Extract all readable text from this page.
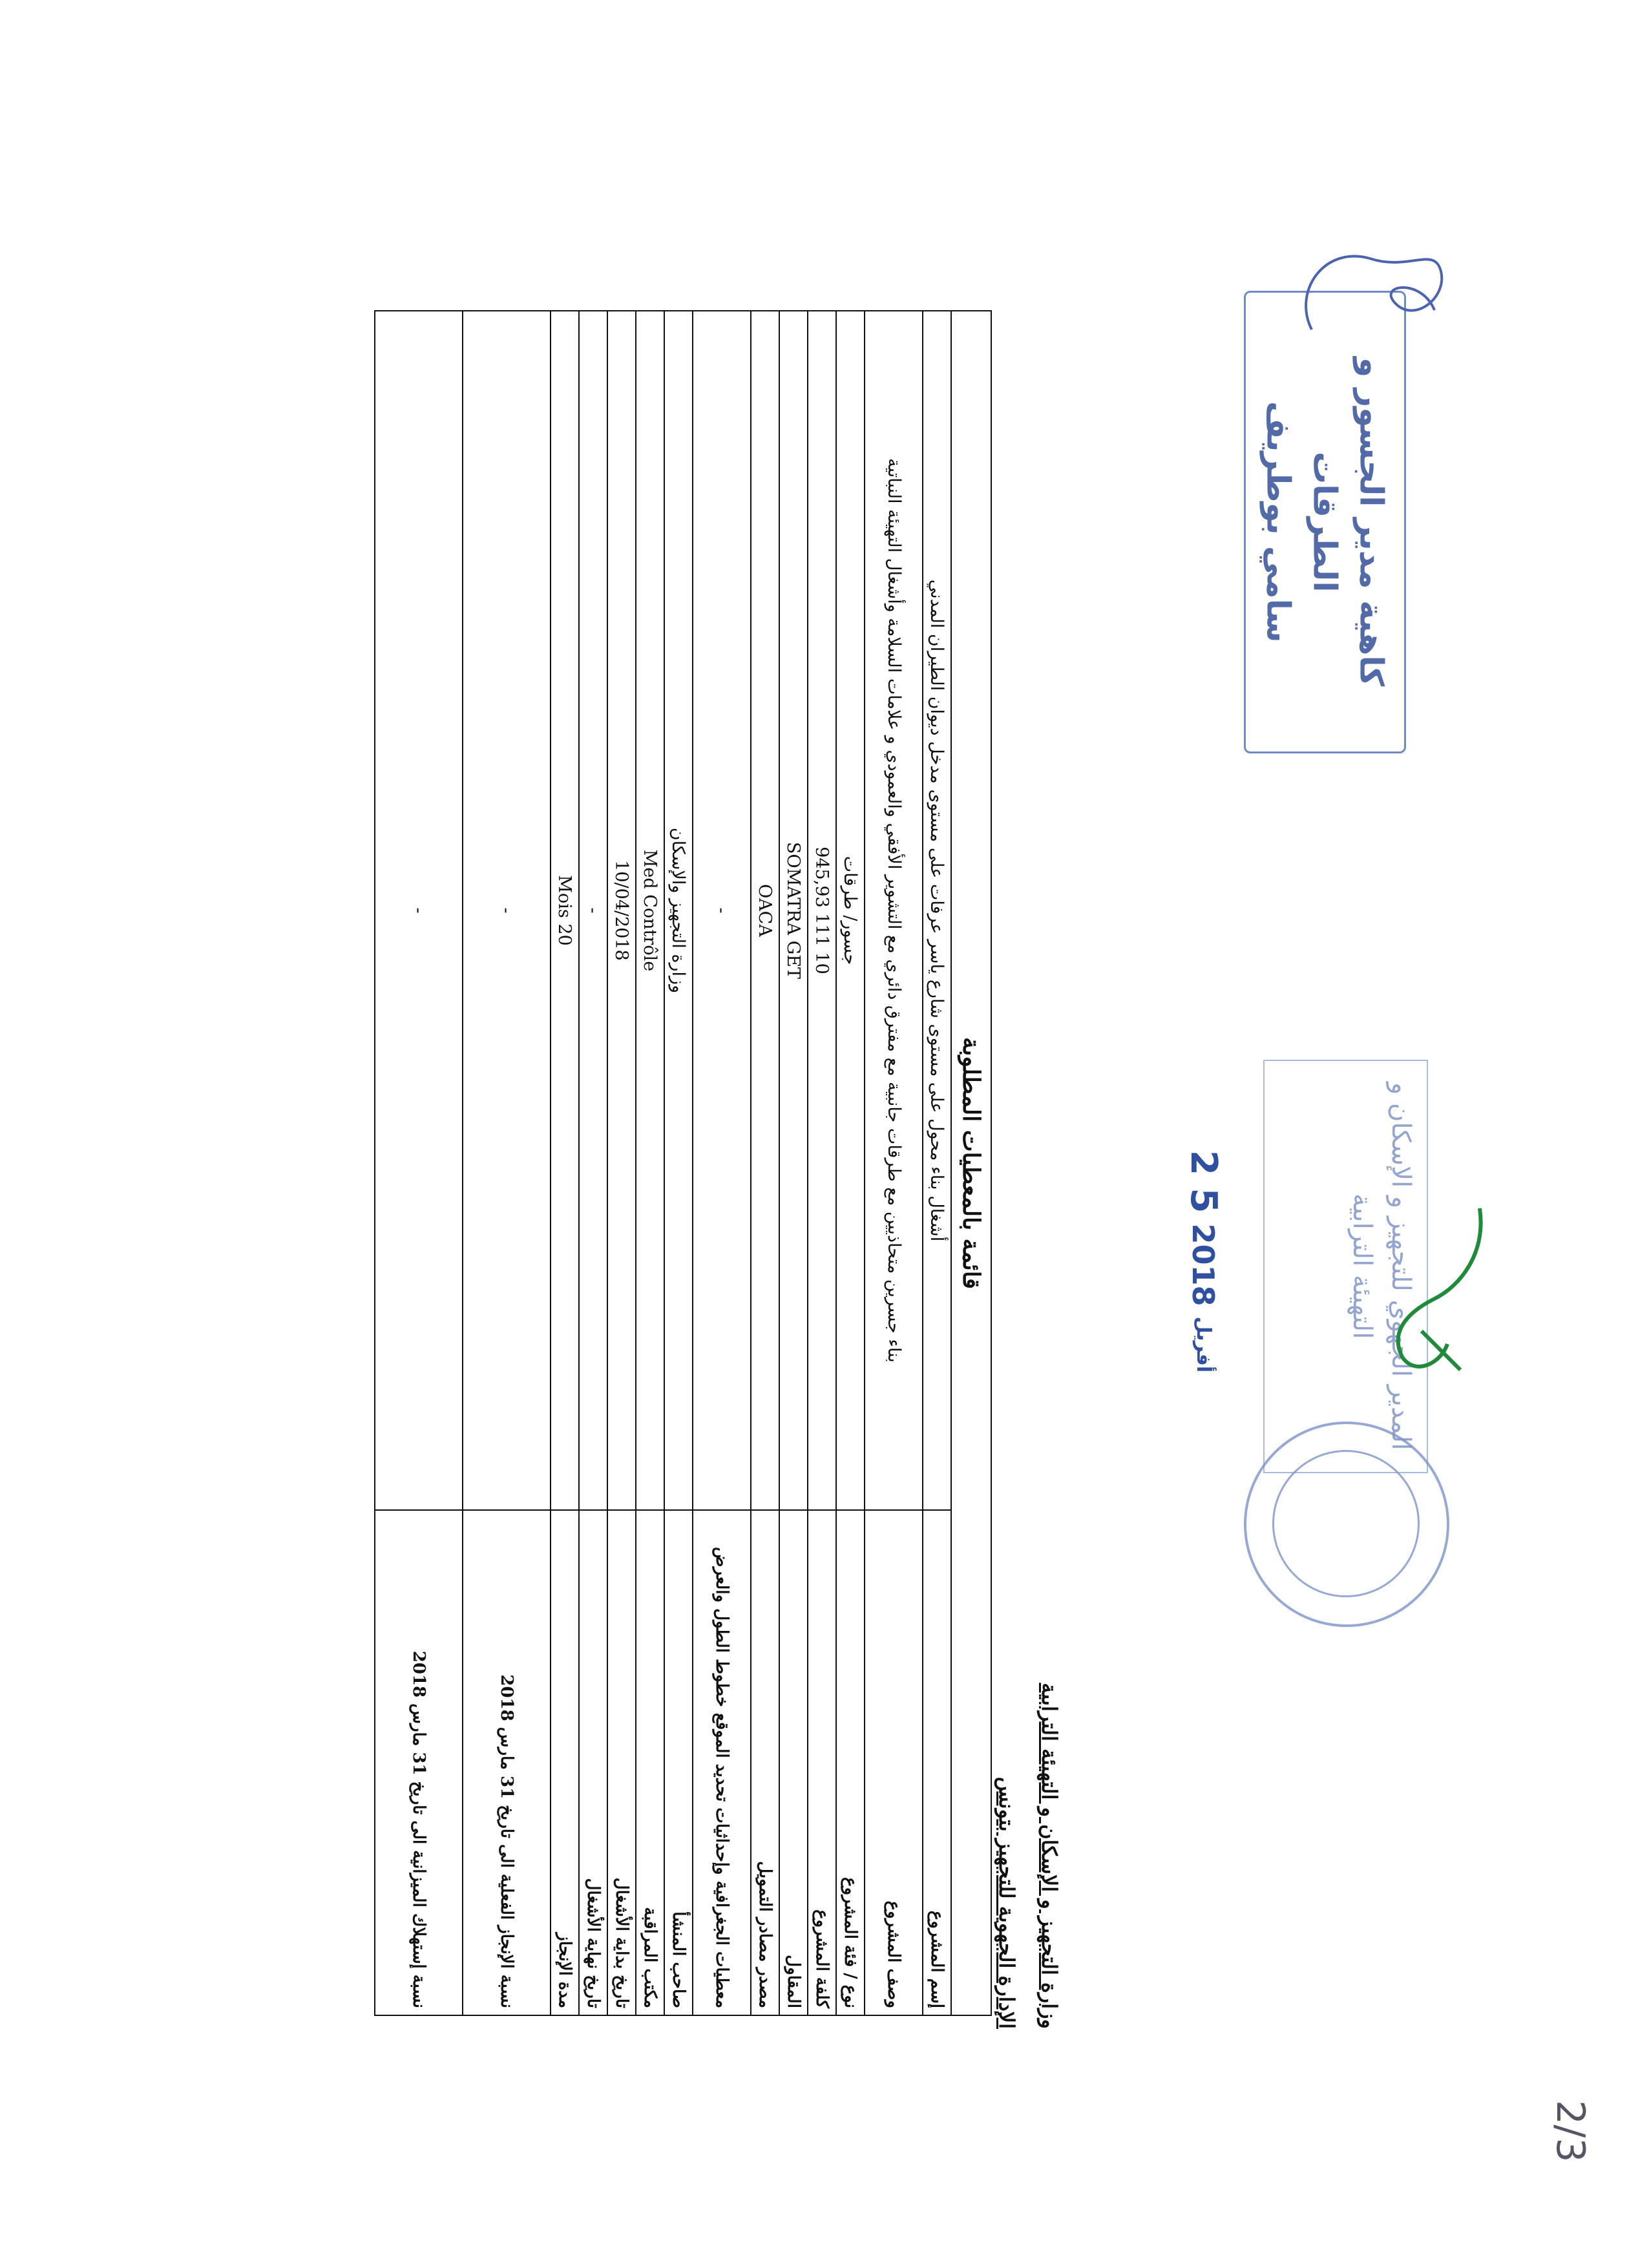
وزارة التجهيز و الإسكان و التهيئة الترابية
الإدارة الجهوية للتجهيز بتونس
قائمة بالمعطيات المطلوبة	
إسم المشروع	أشغال بناء محول على مستوى شارع ياسر عرفات على مستوى مدخل ديوان الطيران المدني
وصف المشروع	بناء جسرين متحاذيين مع طرقات جانبية مع مفترق دائري مع التشوير الأفقي والعمودي و علامات السلامة وأشغال التهيئة النباتية
نوع / فئة المشروع	جسور/ طرقات
كلفة المشروع	10 111 945,93
المقاول	SOMATRA GET
مصدر مصادر التمويل	OACA
معطيات الجغرافية وإحداثيات تحديد الموقع خطوط الطول والعرض	-
صاحب المنشأ	وزارة التجهيز والإسكان
مكتب المراقبة	Med Contrôle
تاريخ بداية الأشغال	10/04/2018
تاريخ نهاية الأشغال	-
مدة الإنجاز	20 Mois
نسبة الإنجاز الفعلية الى تاريخ 31 مارس 2018	-
نسبة إستهلاك الميزانية الى تاريخ 31 مارس 2018	-
كاهية مدير الجسور و الطرقات
سامي بوطريف
المدير الجهوي للتجهيز و الإسكان و التهيئة الترابية
2 5 أفريل 2018
2/3
